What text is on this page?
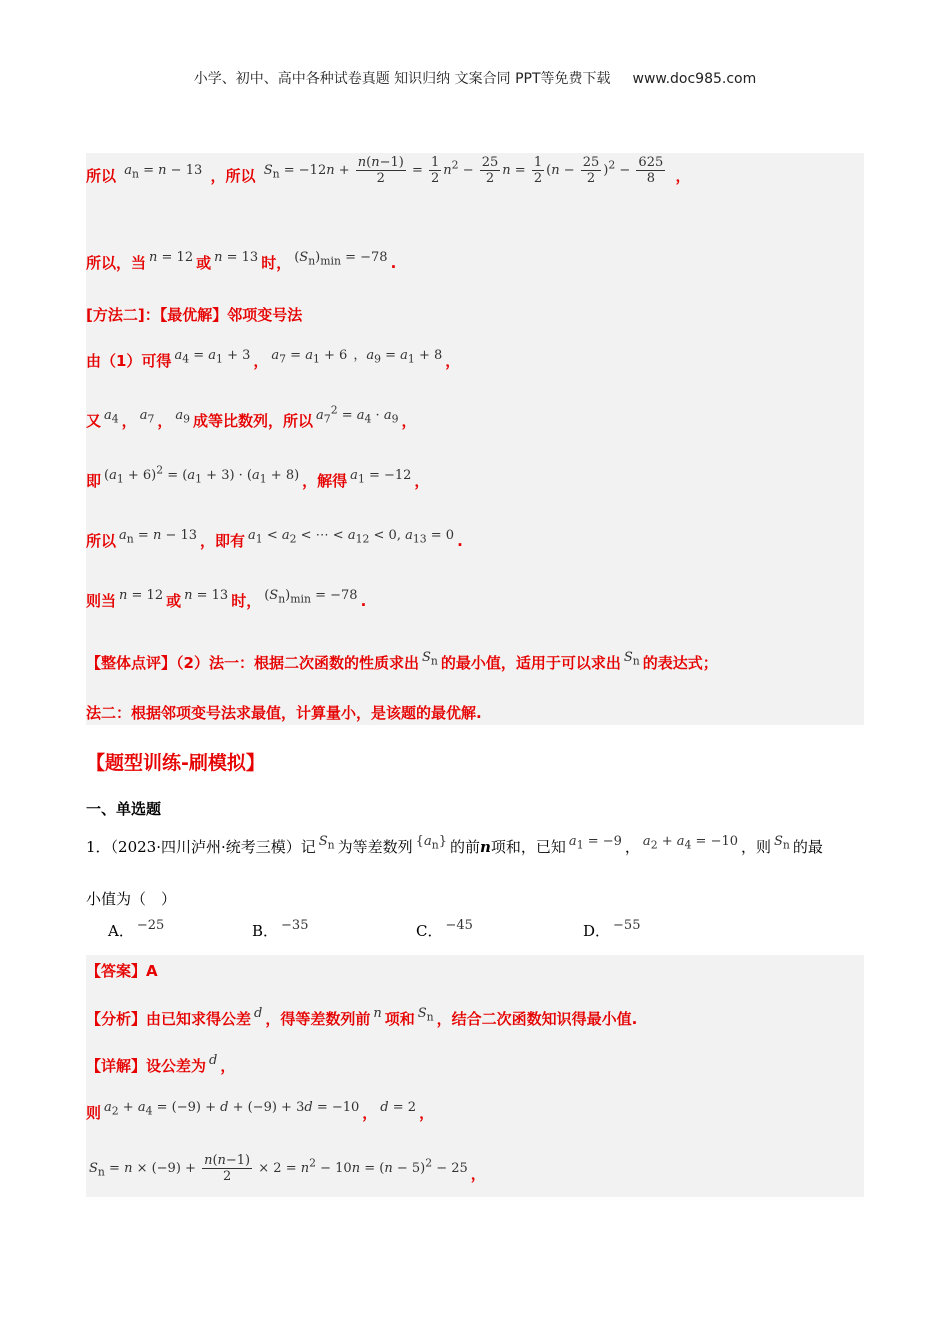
小学、初中、高中各种试卷真题 知识归纳 文案合同 PPT等免费下载 www.doc985.com
所以 $a_n = n - 13$ ，所以 $S_n = -12n + \frac{n(n-1)}{2} = \frac{1}{2} n^2 - \frac{25}{2}$ $n = \frac{1}{2} (n - \frac{25}{2} )^2 - \frac{625}{8}$ ，
所以，当 n = 12 或 n = 13 时， $(S_n)_{min} = -78$ .
[方法二]：【最优解】邻项变号法
由（1）可得 $a_4 = a_1 + 3$ ， $a_7 = a_1 + 6$ ，$a_9 = a_1 + 8$ ，
又 $a_4$ ， $a_7$ ， $a_9$ 成等比数列，所以 $a_7^2 = a_4 \cdot a_9$ ，
即 $(a_1 + 6)^2 = (a_1 + 3) \cdot (a_1 + 8)$ ，解得 $a_1 = -12$ ，
所以 $a_n = n - 13$ ，即有 $a_1 < a_2$ < ⋯ < $a_{12} < 0$, $a_{13} = 0$ .
则当 n = 12 或 n = 13 时， $(S_n)_{min} = -78$ .
【整体点评】（2）法一：根据二次函数的性质求出 $S_n$ 的最小值，适用于可以求出 $S_n$ 的表达式；
法二：根据邻项变号法求最值，计算量小，是该题的最优解.
【题型训练-刷模拟】
一、单选题
1．（2023·四川泸州·统考三模）记 $S_n$ 为等差数列 $\{a_n\}$ 的前n项和，已知 $a_1 = -9$ ， $a_2 + a_4 = -10$ ，则 $S_n$ 的最
小值为（　）
A． −25	B． −35	C． −45	D． −55
【答案】A
【分析】由已知求得公差 d ，得等差数列前 n 项和 $S_n$ ，结合二次函数知识得最小值.
【详解】设公差为 d ，
则 $a_2 + a_4 = (-9) + d + (-9) + 3d = -10$ ， d = 2 ，
$S_n = n \times (-9) + \frac{n(n-1)}{2} \times 2 = n^2 - 10n = (n - 5)^2 - 25$ ，
